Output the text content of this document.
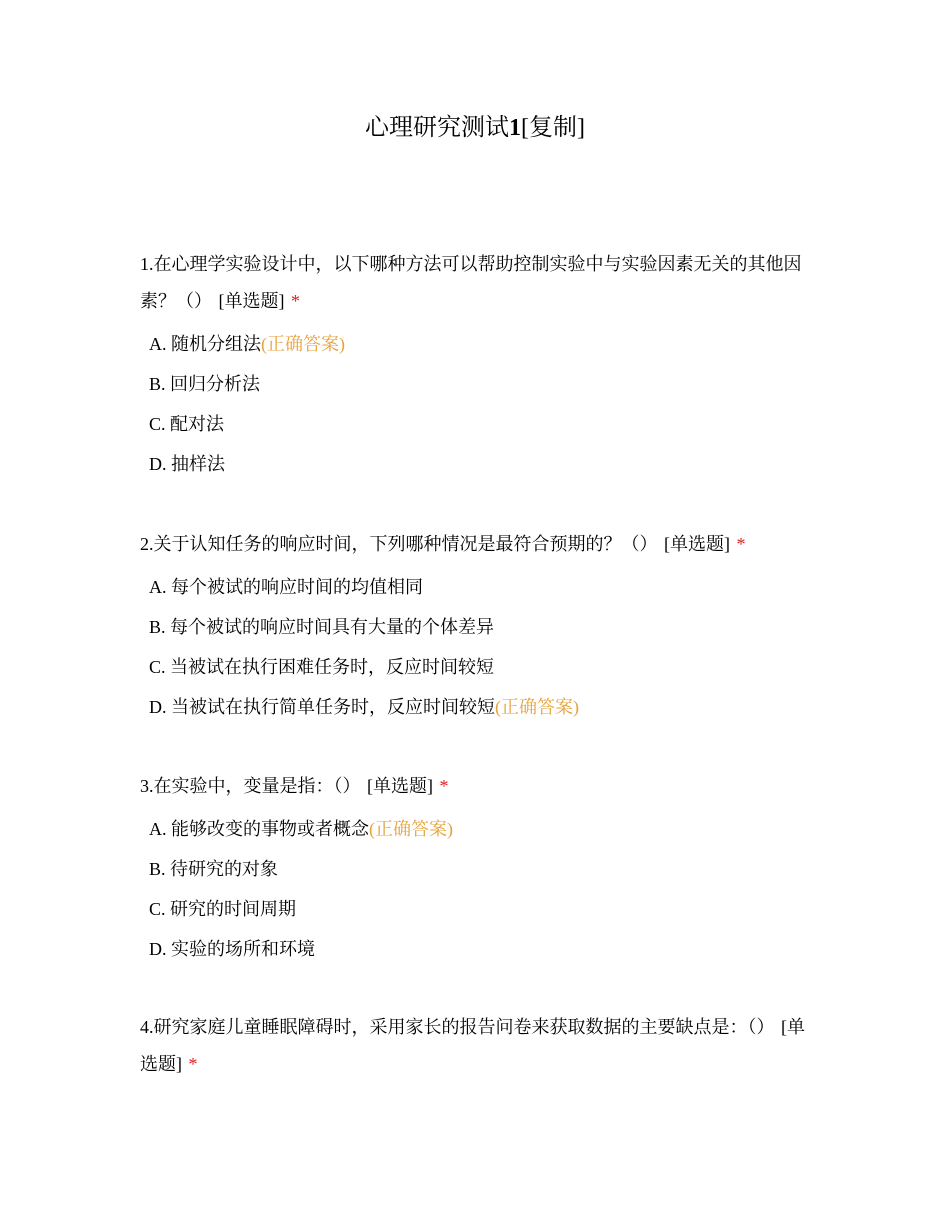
心理研究测试1[复制]

1.在心理学实验设计中，以下哪种方法可以帮助控制实验中与实验因素无关的其他因素？（） [单选题] *

A. 随机分组法(正确答案)
B. 回归分析法
C. 配对法
D. 抽样法

2.关于认知任务的响应时间，下列哪种情况是最符合预期的？（） [单选题] *

A. 每个被试的响应时间的均值相同
B. 每个被试的响应时间具有大量的个体差异
C. 当被试在执行困难任务时，反应时间较短
D. 当被试在执行简单任务时，反应时间较短(正确答案)

3.在实验中，变量是指：（） [单选题] *

A. 能够改变的事物或者概念(正确答案)
B. 待研究的对象
C. 研究的时间周期
D. 实验的场所和环境

4.研究家庭儿童睡眠障碍时，采用家长的报告问卷来获取数据的主要缺点是：（） [单选题] *
